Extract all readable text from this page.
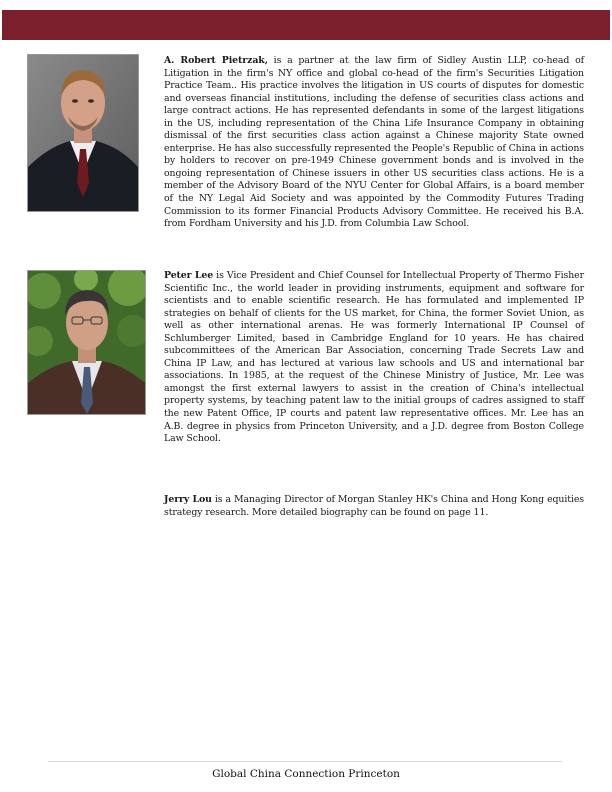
A. Robert Pietrzak, is a partner at the law firm of Sidley Austin LLP, co-head of Litigation in the firm's NY office and global co-head of the firm's Securities Litigation Practice Team.. His practice involves the litigation in US courts of disputes for domestic and overseas financial institutions, including the defense of securities class actions and large contract actions. He has represented defendants in some of the largest litigations in the US, including representation of the China Life Insurance Company in obtaining dismissal of the first securities class action against a Chinese majority State owned enterprise. He has also successfully represented the People's Republic of China in actions by holders to recover on pre-1949 Chinese government bonds and is involved in the ongoing representation of Chinese issuers in other US securities class actions. He is a member of the Advisory Board of the NYU Center for Global Affairs, is a board member of the NY Legal Aid Society and was appointed by the Commodity Futures Trading Commission to its former Financial Products Advisory Committee. He received his B.A. from Fordham University and his J.D. from Columbia Law School.
Peter Lee is Vice President and Chief Counsel for Intellectual Property of Thermo Fisher Scientific Inc., the world leader in providing instruments, equipment and software for scientists and to enable scientific research. He has formulated and implemented IP strategies on behalf of clients for the US market, for China, the former Soviet Union, as well as other international arenas. He was formerly International IP Counsel of Schlumberger Limited, based in Cambridge England for 10 years. He has chaired subcommittees of the American Bar Association, concerning Trade Secrets Law and China IP Law, and has lectured at various law schools and US and international bar associations. In 1985, at the request of the Chinese Ministry of Justice, Mr. Lee was amongst the first external lawyers to assist in the creation of China's intellectual property systems, by teaching patent law to the initial groups of cadres assigned to staff the new Patent Office, IP courts and patent law representative offices. Mr. Lee has an A.B. degree in physics from Princeton University, and a J.D. degree from Boston College Law School.
Jerry Lou is a Managing Director of Morgan Stanley HK's China and Hong Kong equities strategy research. More detailed biography can be found on page 11.
Global China Connection Princeton
